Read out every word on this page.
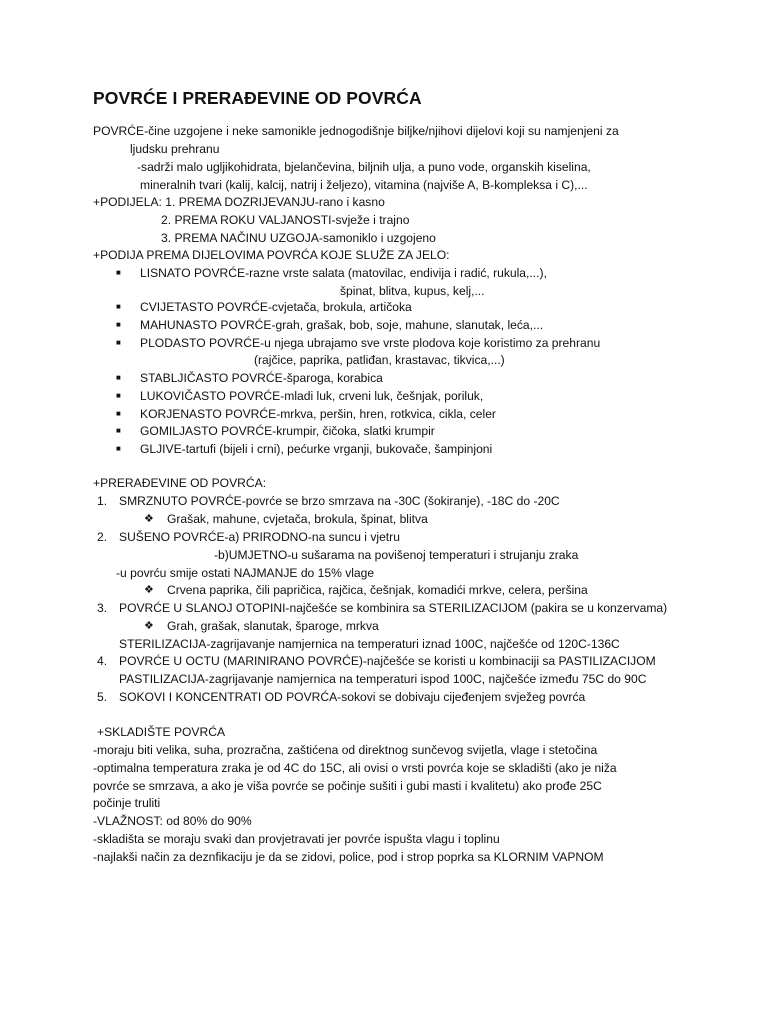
POVRĆE I PRERAĐEVINE OD POVRĆA
POVRĆE-čine uzgojene i neke samonikle jednogodišnje biljke/njihovi dijelovi koji su namjenjeni za
ljudsku prehranu
-sadrži malo ugljikohidrata, bjelančevina, biljnih ulja, a puno vode, organskih kiselina,
mineralnih tvari (kalij, kalcij, natrij i željezo), vitamina (najviše A, B-kompleksa i C),...
+PODIJELA: 1. PREMA DOZRIJEVANJU-rano i kasno
2. PREMA ROKU VALJANOSTI-svježe i trajno
3. PREMA NAČINU UZGOJA-samoniklo i uzgojeno
+PODIJA PREMA DIJELOVIMA POVRĆA KOJE SLUŽE ZA JELO:
■ LISNATO POVRĆE-razne vrste salata (matovilac, endivija i radić, rukula,...),
špinat, blitva, kupus, kelj,...
■ CVIJETASTO POVRĆE-cvjetača, brokula, artičoka
■ MAHUNASTO POVRĆE-grah, grašak, bob, soje, mahune, slanutak, leća,...
■ PLODASTO POVRĆE-u njega ubrajamo sve vrste plodova koje koristimo za prehranu
(rajčice, paprika, patliđan, krastavac, tikvica,...)
■ STABLJIČASTO POVRĆE-šparoga, korabica
■ LUKOVIČASTO POVRĆE-mladi luk, crveni luk, češnjak, poriluk,
■ KORJENASTO POVRĆE-mrkva, peršin, hren, rotkvica, cikla, celer
■ GOMILJASTO POVRĆE-krumpir, čičoka, slatki krumpir
■ GLJIVE-tartufi (bijeli i crni), pećurke vrganji, bukovače, šampinjoni
+PRERAĐEVINE OD POVRĆA:
1. SMRZNUTO POVRĆE-povrće se brzo smrzava na -30C (šokiranje), -18C do -20C
❖ Grašak, mahune, cvjetača, brokula, špinat, blitva
2. SUŠENO POVRĆE-a) PRIRODNO-na suncu i vjetru
-b)UMJETNO-u sušarama na povišenoj temperaturi i strujanju zraka
-u povrću smije ostati NAJMANJE do 15% vlage
❖ Crvena paprika, čili papričica, rajčica, češnjak, komadići mrkve, celera, peršina
3. POVRĆE U SLANOJ OTOPINI-najčešće se kombinira sa STERILIZACIJOM (pakira se u konzervama)
❖ Grah, grašak, slanutak, šparoge, mrkva
STERILIZACIJA-zagrijavanje namjernica na temperaturi iznad 100C, najčešće od 120C-136C
4. POVRĆE U OCTU (MARINIRANO POVRĆE)-najčešće se koristi u kombinaciji sa PASTILIZACIJOM
PASTILIZACIJA-zagrijavanje namjernica na temperaturi ispod 100C, najčešće između 75C do 90C
5. SOKOVI I KONCENTRATI OD POVRĆA-sokovi se dobivaju cijeđenjem svježeg povrća
+SKLADIŠTE POVRĆA
-moraju biti velika, suha, prozračna, zaštićena od direktnog sunčevog svijetla, vlage i stetočina
-optimalna temperatura zraka je od 4C do 15C, ali ovisi o vrsti povrća koje se skladišti (ako je niža
povrće se smrzava, a ako je viša povrće se počinje sušiti i gubi masti i kvalitetu) ako prođe 25C
počinje truliti
-VLAŽNOST: od 80% do 90%
-skladišta se moraju svaki dan provjetravati jer povrće ispušta vlagu i toplinu
-najlakši način za deznfikaciju je da se zidovi, police, pod i strop poprka sa KLORNIM VAPNOM
